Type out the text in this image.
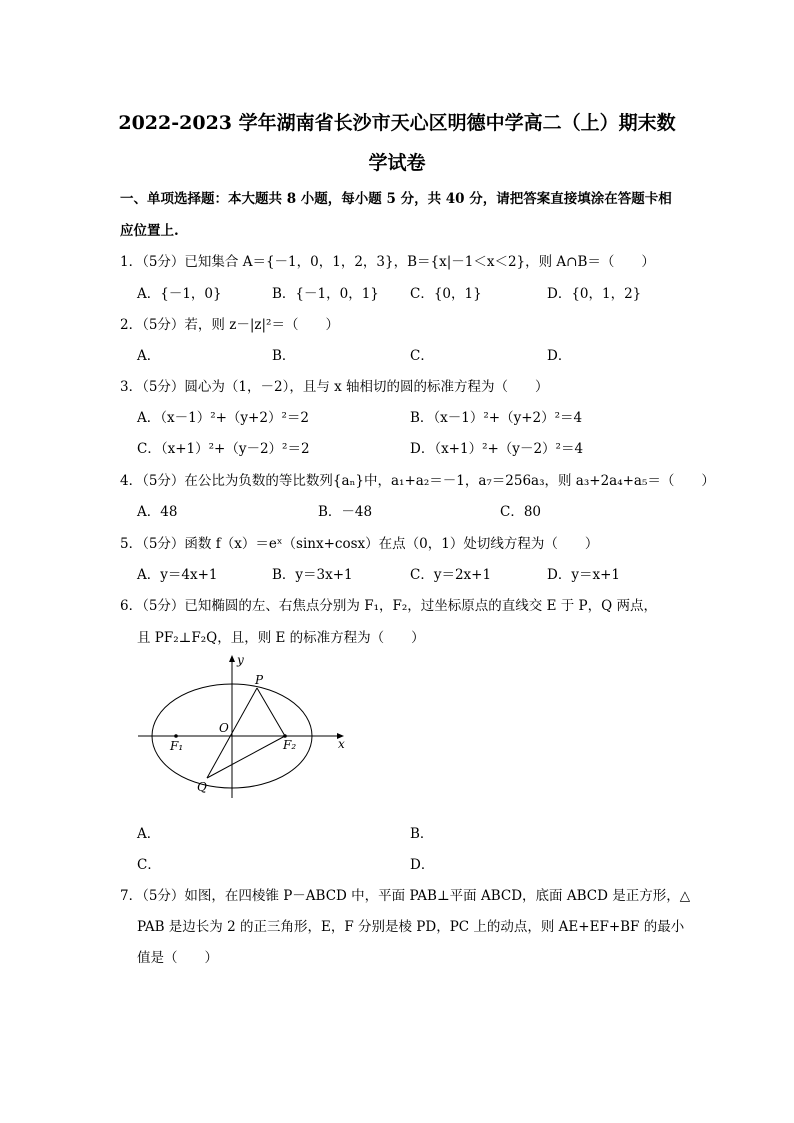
2022-2023 学年湖南省长沙市天心区明德中学高二（上）期末数
学试卷
一、单项选择题：本大题共 8 小题，每小题 5 分，共 40 分，请把答案直接填涂在答题卡相
应位置上.
1．（5分）已知集合 A＝{－1，0，1，2，3}，B＝{x|－1＜x＜2}，则 A∩B＝（　　）
A．{－1，0}	B．{－1，0，1} C．{0，1}	D．{0，1，2}
2．（5分）若，则 z－|z|²＝（　　）
A．	B．	C．	D．
3．（5分）圆心为（1，－2），且与 x 轴相切的圆的标准方程为（　　）
A．（x－1）²+（y+2）²＝2	B．（x－1）²+（y+2）²＝4
C．（x+1）²+（y－2）²＝2	D．（x+1）²+（y－2）²＝4
4．（5分）在公比为负数的等比数列{aₙ}中，a₁+a₂＝－1，a₇＝256a₃，则 a₃+2a₄+a₅＝（　　）
A．48	B．－48	C．80
5．（5分）函数 f（x）＝eˣ（sinx+cosx）在点（0，1）处切线方程为（　　）
A．y＝4x+1	B．y＝3x+1	C．y＝2x+1	D．y＝x+1
6．（5分）已知椭圆的左、右焦点分别为 F₁，F₂，过坐标原点的直线交 E 于 P，Q 两点，
且 PF₂⊥F₂Q，且，则 E 的标准方程为（　　）
y
x
P
O
Q
F₁	F₂
A．	B．
C．	D．
7．（5分）如图，在四棱锥 P－ABCD 中，平面 PAB⊥平面 ABCD，底面 ABCD 是正方形，△
PAB 是边长为 2 的正三角形，E，F 分别是棱 PD，PC 上的动点，则 AE+EF+BF 的最小
值是（　　）
